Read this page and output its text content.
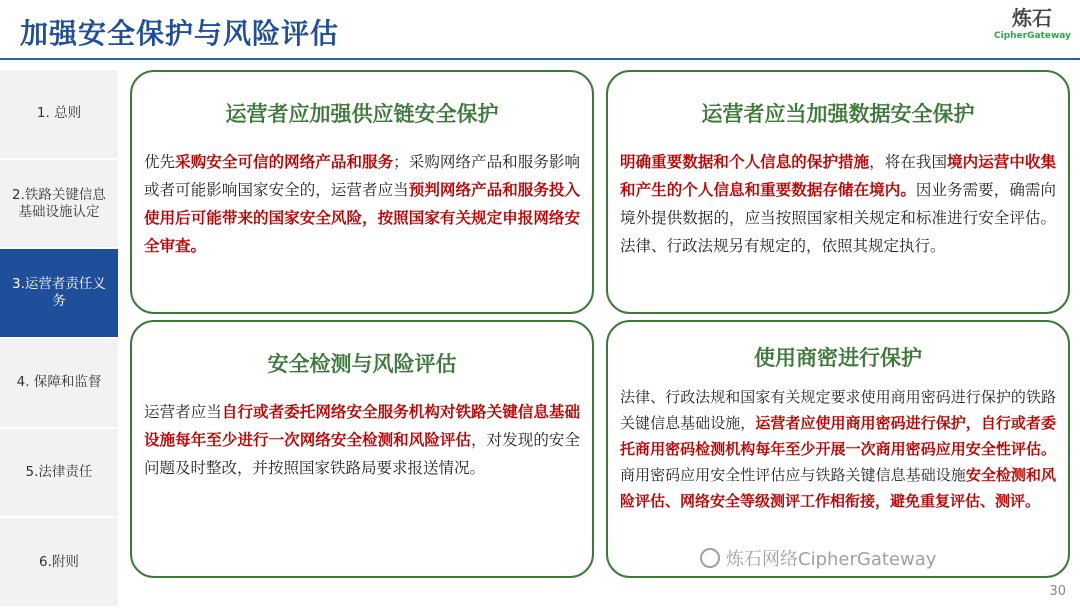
加强安全保护与风险评估	炼石
CipherGateway
1. 总则
2.铁路关键信息基础设施认定
3.运营者责任义务
4. 保障和监督
5.法律责任
6.附则
运营者应加强供应链安全保护
优先采购安全可信的网络产品和服务；采购网络产品和服务影响或者可能影响国家安全的，运营者应当预判网络产品和服务投入使用后可能带来的国家安全风险，按照国家有关规定申报网络安全审查。
运营者应当加强数据安全保护
明确重要数据和个人信息的保护措施，将在我国境内运营中收集和产生的个人信息和重要数据存储在境内。因业务需要，确需向境外提供数据的，应当按照国家相关规定和标准进行安全评估。法律、行政法规另有规定的，依照其规定执行。
安全检测与风险评估
运营者应当自行或者委托网络安全服务机构对铁路关键信息基础设施每年至少进行一次网络安全检测和风险评估，对发现的安全问题及时整改，并按照国家铁路局要求报送情况。
使用商密进行保护
法律、行政法规和国家有关规定要求使用商用密码进行保护的铁路关键信息基础设施，运营者应使用商用密码进行保护，自行或者委托商用密码检测机构每年至少开展一次商用密码应用安全性评估。商用密码应用安全性评估应与铁路关键信息基础设施安全检测和风险评估、网络安全等级测评工作相衔接，避免重复评估、测评。
炼石网络CipherGateway
30
